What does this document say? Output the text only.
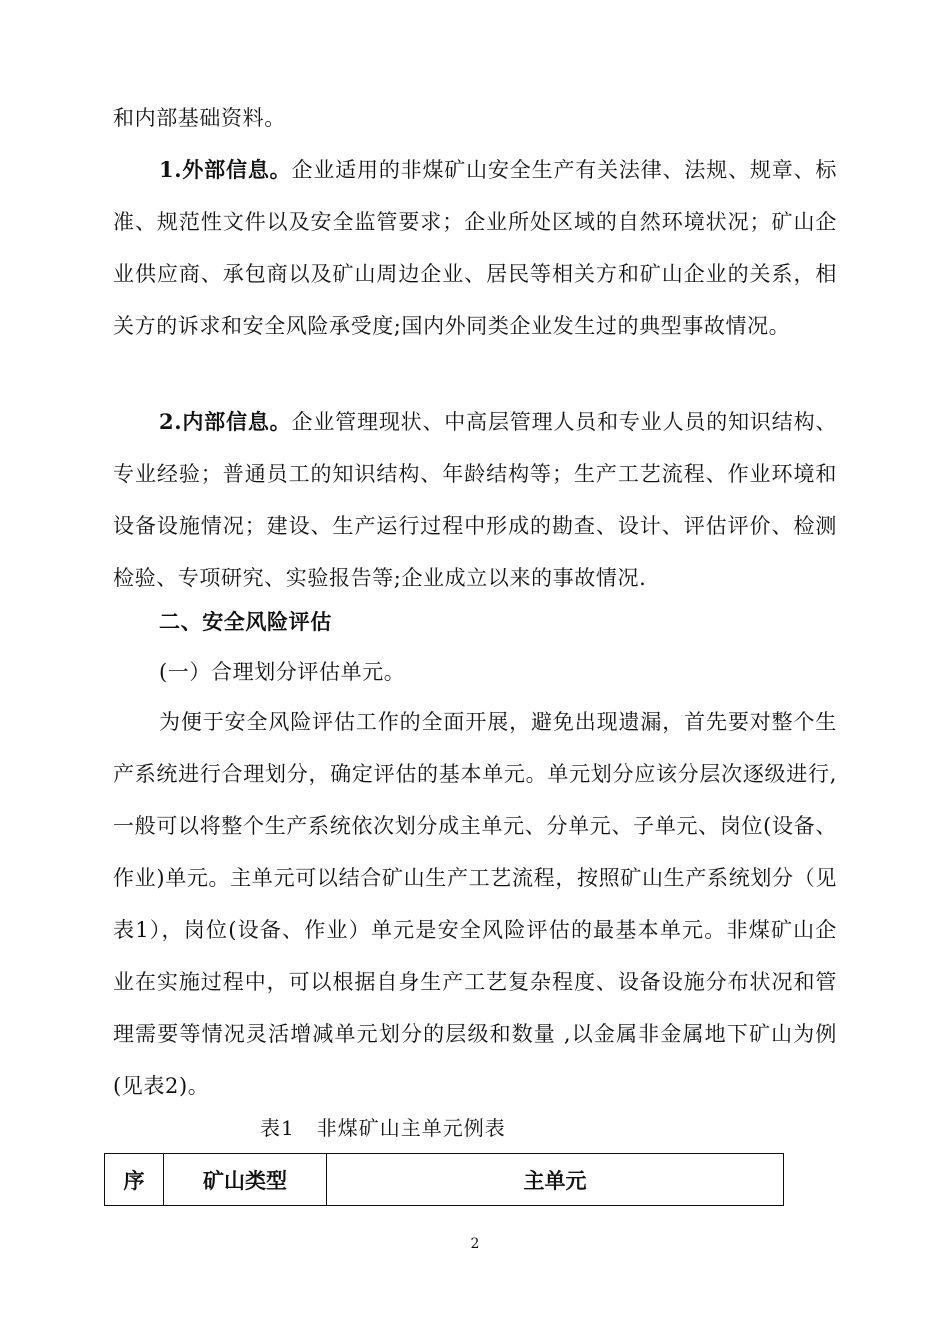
和内部基础资料。

1.外部信息。企业适用的非煤矿山安全生产有关法律、法规、规章、标准、规范性文件以及安全监管要求；企业所处区域的自然环境状况；矿山企业供应商、承包商以及矿山周边企业、居民等相关方和矿山企业的关系，相关方的诉求和安全风险承受度;国内外同类企业发生过的典型事故情况。

2.内部信息。企业管理现状、中高层管理人员和专业人员的知识结构、专业经验；普通员工的知识结构、年龄结构等；生产工艺流程、作业环境和设备设施情况；建设、生产运行过程中形成的勘查、设计、评估评价、检测检验、专项研究、实验报告等;企业成立以来的事故情况.

二、安全风险评估

(一）合理划分评估单元。

为便于安全风险评估工作的全面开展，避免出现遗漏，首先要对整个生产系统进行合理划分，确定评估的基本单元。单元划分应该分层次逐级进行,一般可以将整个生产系统依次划分成主单元、分单元、子单元、岗位(设备、作业)单元。主单元可以结合矿山生产工艺流程，按照矿山生产系统划分（见表1），岗位(设备、作业）单元是安全风险评估的最基本单元。非煤矿山企业在实施过程中，可以根据自身生产工艺复杂程度、设备设施分布状况和管理需要等情况灵活增减单元划分的层级和数量 ,以金属非金属地下矿山为例(见表2)。

表1 非煤矿山主单元例表

序	矿山类型	主单元
2
